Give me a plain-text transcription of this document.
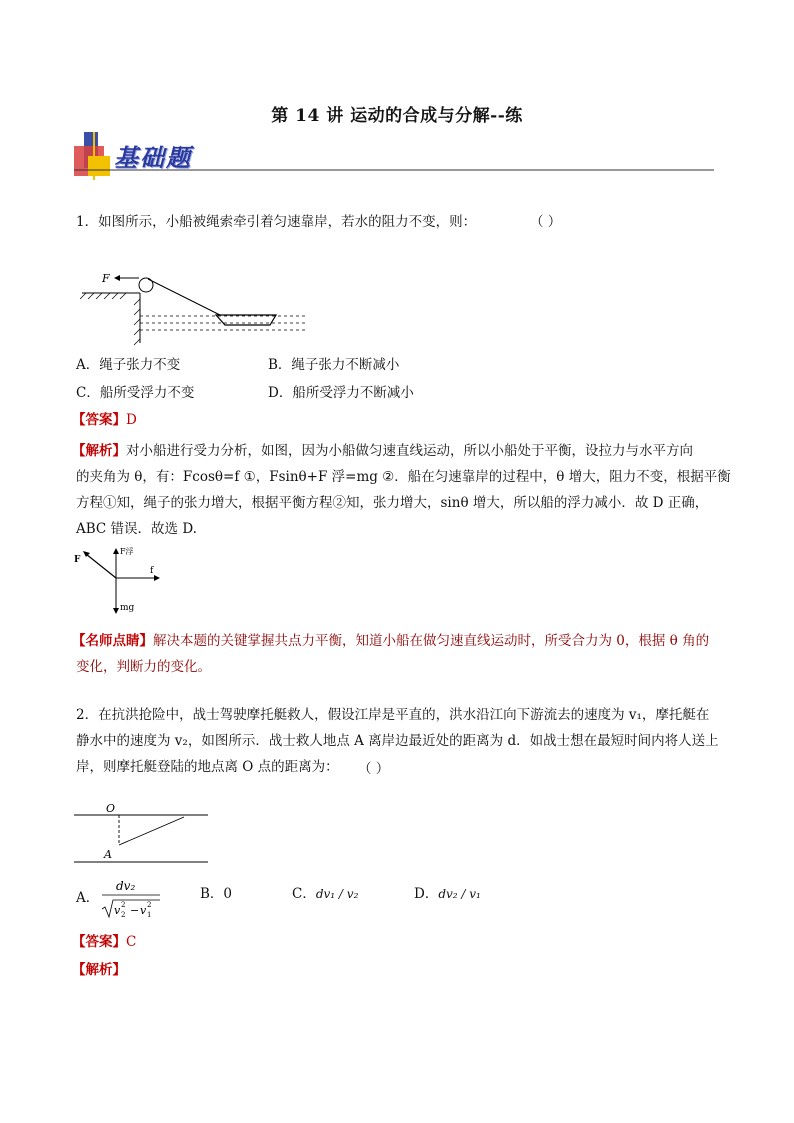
第 14 讲 运动的合成与分解--练
基础题
1．如图所示，小船被绳索牵引着匀速靠岸，若水的阻力不变，则：	（ ）
F
A．绳子张力不变	B．绳子张力不断减小
C．船所受浮力不变	D．船所受浮力不断减小
【答案】D
【解析】对小船进行受力分析，如图，因为小船做匀速直线运动，所以小船处于平衡，设拉力与水平方向
的夹角为 θ，有：Fcosθ=f ①，Fsinθ+F 浮=mg ②．船在匀速靠岸的过程中，θ 增大，阻力不变，根据平衡
方程①知，绳子的张力增大，根据平衡方程②知，张力增大，sinθ 增大，所以船的浮力减小．故 D 正确，
ABC 错误．故选 D.
f
F浮
mg
F
【名师点睛】解决本题的关键掌握共点力平衡，知道小船在做匀速直线运动时，所受合力为 0，根据 θ 角的
变化，判断力的变化。
2．在抗洪抢险中，战士驾驶摩托艇救人，假设江岸是平直的，洪水沿江向下游流去的速度为 v₁，摩托艇在
静水中的速度为 v₂，如图所示．战士救人地点 A 离岸边最近处的距离为 d．如战士想在最短时间内将人送上
岸，则摩托艇登陆的地点离 O 点的距离为：	（ ）
O
A
A．
dv₂
v 2
2 − v 1
2
B．0	C．dv₁ / v₂	D．dv₂ / v₁
【答案】C
【解析】
